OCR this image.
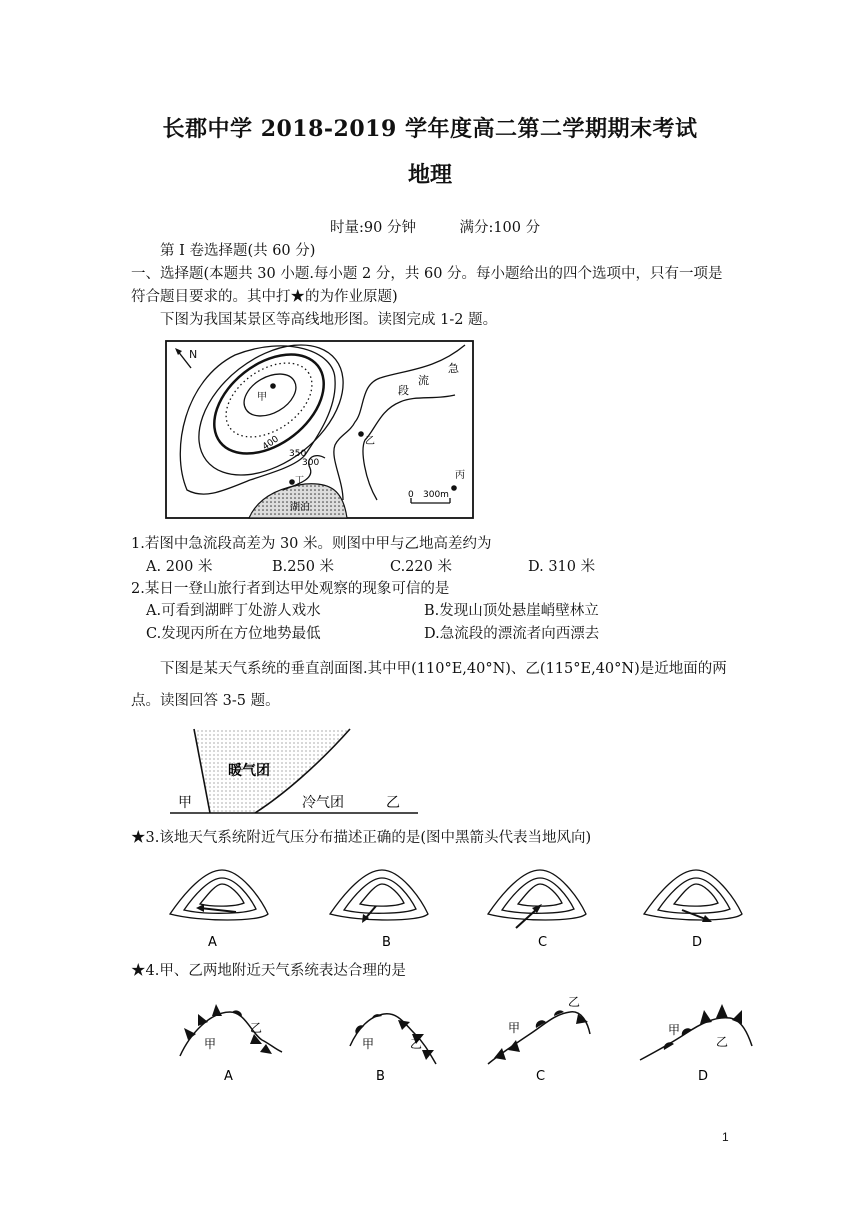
长郡中学 2018-2019 学年度高二第二学期期末考试
地理
时量:90 分钟　　　满分:100 分
第 I 卷选择题(共 60 分)
一、选择题(本题共 30 小题.每小题 2 分，共 60 分。每小题给出的四个选项中，只有一项是
符合题目要求的。其中打★的为作业原题)
下图为我国某景区等高线地形图。读图完成 1-2 题。
N
甲
乙
丁	丙
急
流
段
400
350
300
湖泊
0 300m
1.若图中急流段高差为 30 米。则图中甲与乙地高差约为
A. 200 米	B.250 米	C.220 米	D. 310 米
2.某日一登山旅行者到达甲处观察的现象可信的是
A.可看到湖畔丁处游人戏水	B.发现山顶处悬崖峭壁林立
C.发现丙所在方位地势最低	D.急流段的漂流者向西漂去
下图是某天气系统的垂直剖面图.其中甲(110°E,40°N)、乙(115°E,40°N)是近地面的两
点。读图回答 3-5 题。
暖气团
冷气团
甲	乙
★3.该地天气系统附近气压分布描述正确的是(图中黑箭头代表当地风向)
A	B	C	D
★4.甲、乙两地附近天气系统表达合理的是
甲
乙
A
甲	乙
B
甲
乙
C
甲
乙
D
1
